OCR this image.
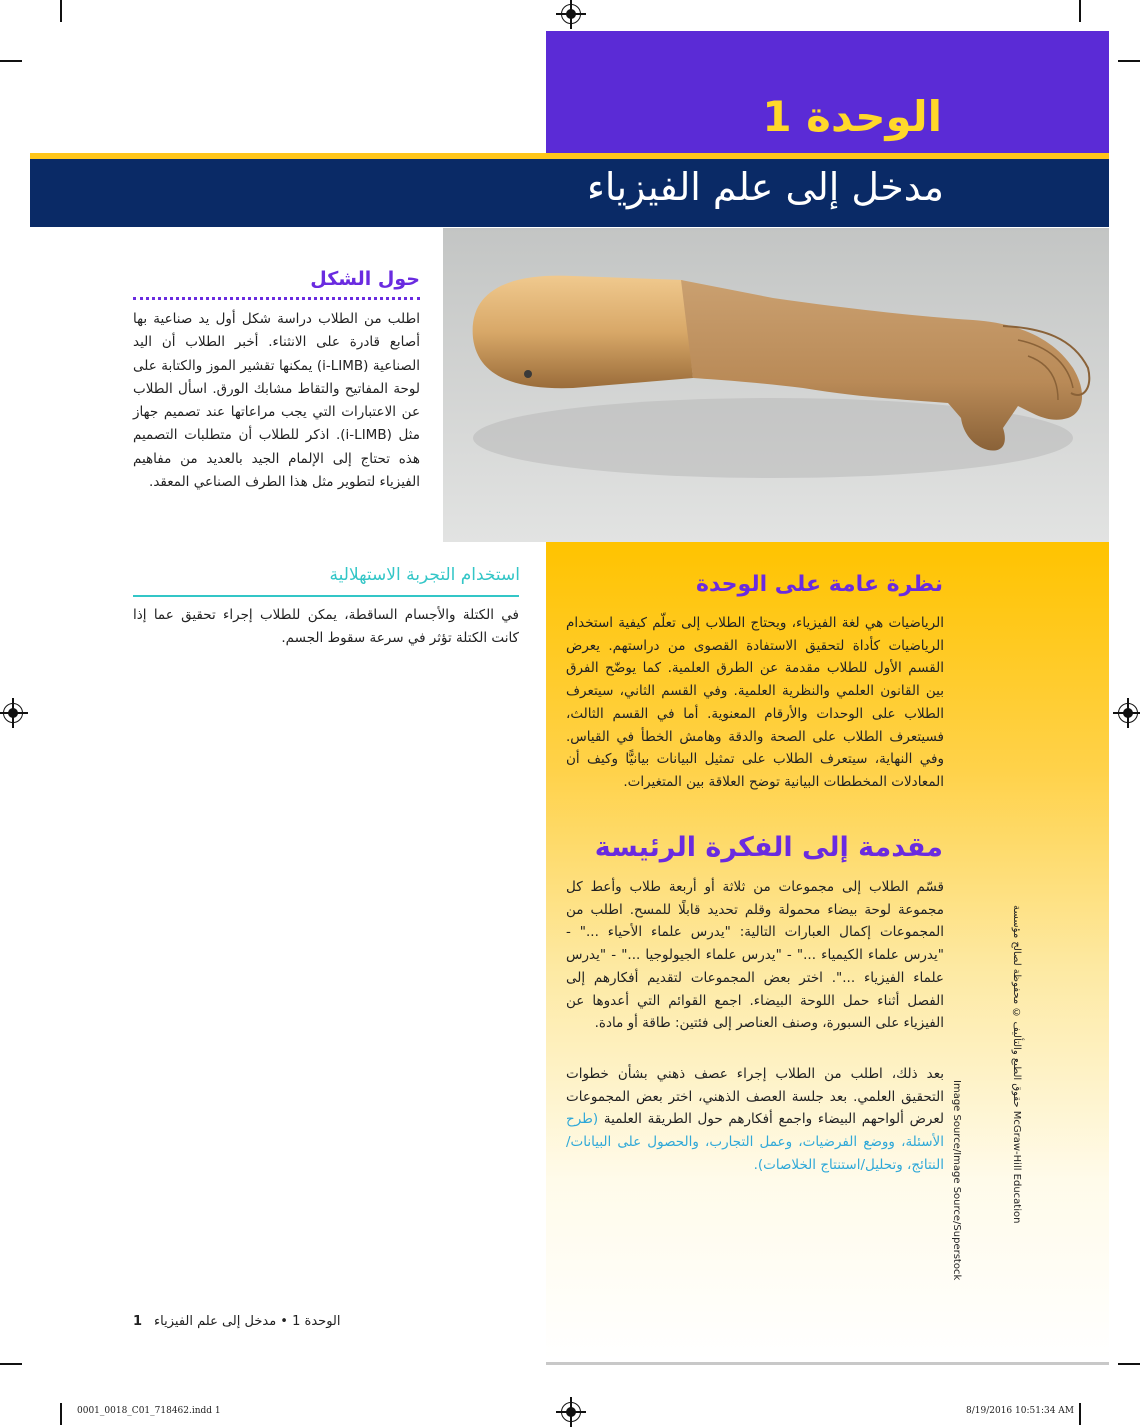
الوحدة 1
مدخل إلى علم الفيزياء
حول الشكل
اطلب من الطلاب دراسة شكل أول يد صناعية بها أصابع قادرة على الانثناء. أخبر الطلاب أن اليد الصناعية (i-LIMB) يمكنها تقشير الموز والكتابة على لوحة المفاتيح والتقاط مشابك الورق. اسأل الطلاب عن الاعتبارات التي يجب مراعاتها عند تصميم جهاز مثل (i-LIMB). اذكر للطلاب أن متطلبات التصميم هذه تحتاج إلى الإلمام الجيد بالعديد من مفاهيم الفيزياء لتطوير مثل هذا الطرف الصناعي المعقد.
استخدام التجربة الاستهلالية
في الكتلة والأجسام الساقطة، يمكن للطلاب إجراء تحقيق عما إذا كانت الكتلة تؤثر في سرعة سقوط الجسم.
نظرة عامة على الوحدة
الرياضيات هي لغة الفيزياء، ويحتاج الطلاب إلى تعلّم كيفية استخدام الرياضيات كأداة لتحقيق الاستفادة القصوى من دراستهم. يعرض القسم الأول للطلاب مقدمة عن الطرق العلمية. كما يوضّح الفرق بين القانون العلمي والنظرية العلمية. وفي القسم الثاني، سيتعرف الطلاب على الوحدات والأرقام المعنوية. أما في القسم الثالث، فسيتعرف الطلاب على الصحة والدقة وهامش الخطأ في القياس. وفي النهاية، سيتعرف الطلاب على تمثيل البيانات بيانيًّا وكيف أن المعادلات المخططات البيانية توضح العلاقة بين المتغيرات.
مقدمة إلى الفكرة الرئيسة
قسّم الطلاب إلى مجموعات من ثلاثة أو أربعة طلاب وأعط كل مجموعة لوحة بيضاء محمولة وقلم تحديد قابلًا للمسح. اطلب من المجموعات إكمال العبارات التالية: "يدرس علماء الأحياء ..." - "يدرس علماء الكيمياء ..." - "يدرس علماء الجيولوجيا ..." - "يدرس علماء الفيزياء ...". اختر بعض المجموعات لتقديم أفكارهم إلى الفصل أثناء حمل اللوحة البيضاء. اجمع القوائم التي أعدوها عن الفيزياء على السبورة، وصنف العناصر إلى فئتين: طاقة أو مادة.
بعد ذلك، اطلب من الطلاب إجراء عصف ذهني بشأن خطوات التحقيق العلمي. بعد جلسة العصف الذهني، اختر بعض المجموعات لعرض ألواحهم البيضاء واجمع أفكارهم حول الطريقة العلمية (طرح الأسئلة، ووضع الفرضيات، وعمل التجارب، والحصول على البيانات/النتائج، وتحليل/استنتاج الخلاصات).
حقوق الطبع والتأليف © محفوظة لصالح مؤسسة McGraw-Hill Education
Image Source/Image Source/Superstock
الوحدة 1 • مدخل إلى علم الفيزياء
1
0001_0018_C01_718462.indd 1	8/19/2016 10:51:34 AM
